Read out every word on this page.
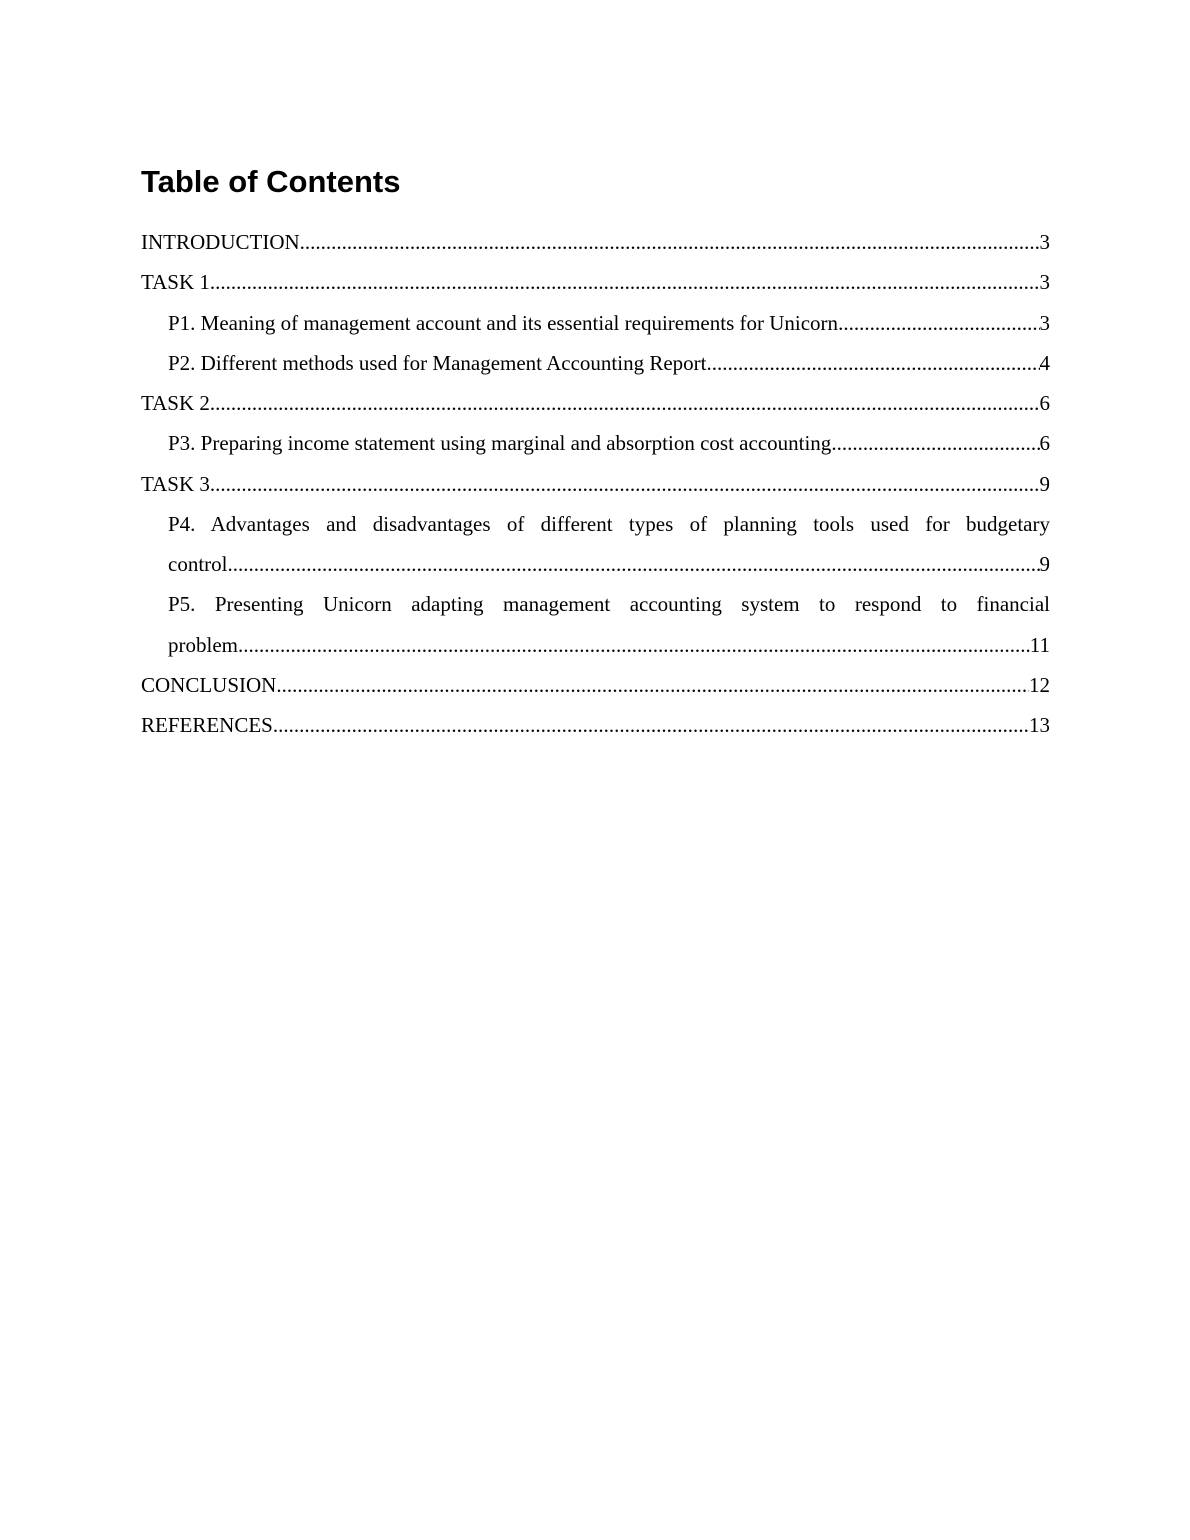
Table of Contents
INTRODUCTION .....	3
TASK 1 .....	3
P1. Meaning of management account and its essential requirements for Unicorn .....	3
P2. Different methods used for Management Accounting Report .....	4
TASK 2 .....	6
P3. Preparing income statement using marginal and absorption cost accounting .....	6
TASK 3 .....	9
P4. Advantages and disadvantages of different types of planning tools used for budgetary
control .....	9
P5. Presenting Unicorn adapting management accounting system to respond to financial
problem .....	11
CONCLUSION .....	12
REFERENCES .....	13
